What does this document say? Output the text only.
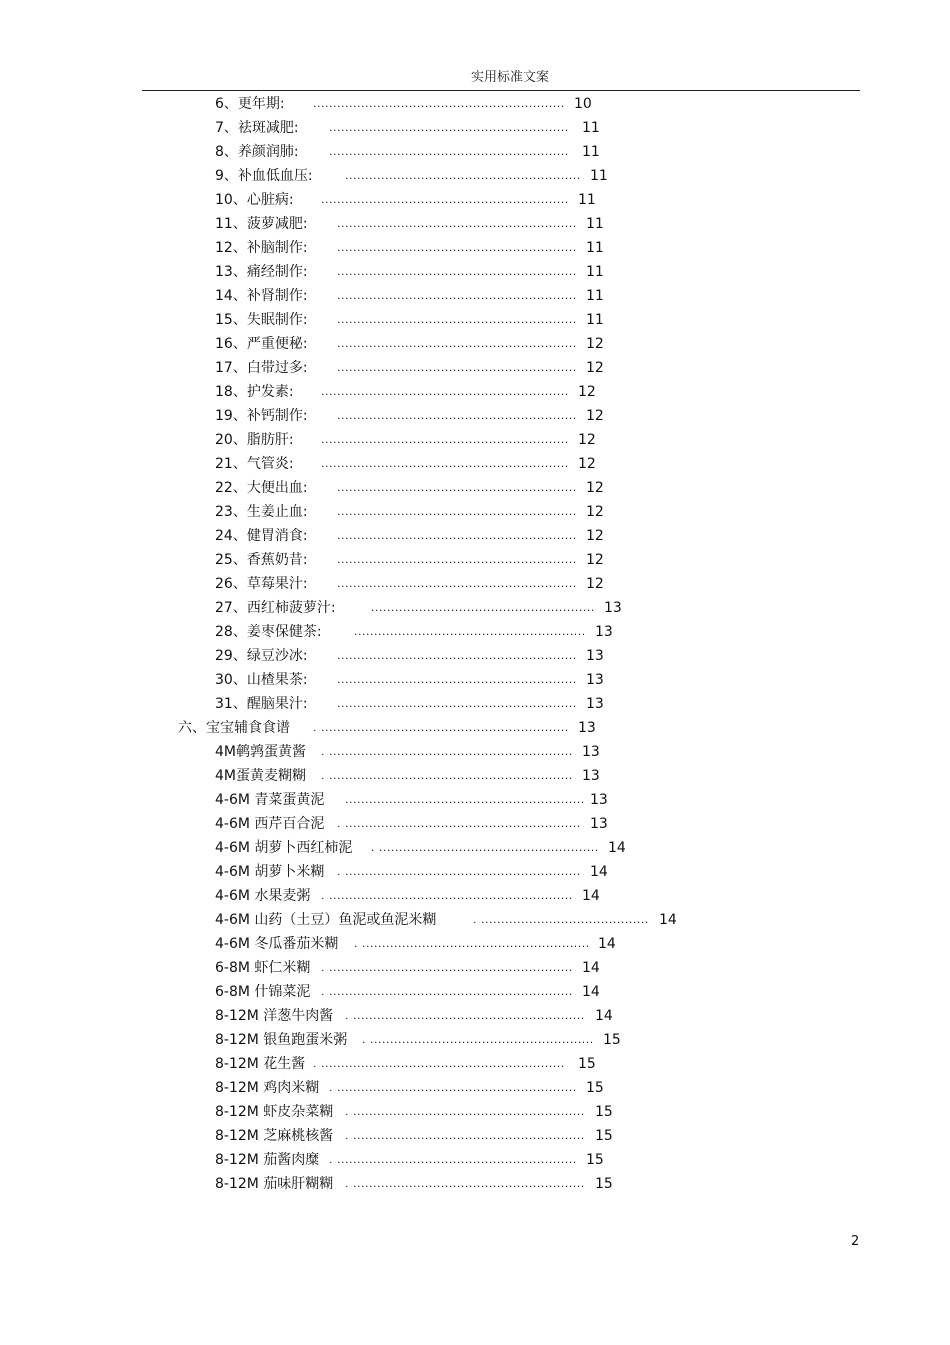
实用标准文案
6、更年期:	............................................................... 10
7、祛斑减肥:	............................................................ 11
8、养颜润肺:	............................................................ 11
9、补血低血压:	........................................................... 11
10、心脏病: .............................................................. 11
11、菠萝减肥:	............................................................ 11
12、补脑制作:	............................................................ 11
13、痛经制作:	............................................................ 11
14、补肾制作:	............................................................ 11
15、失眠制作:	............................................................ 11
16、严重便秘:	............................................................ 12
17、白带过多:	............................................................ 12
18、护发素: .............................................................. 12
19、补钙制作:	............................................................ 12
20、脂肪肝: .............................................................. 12
21、气管炎: .............................................................. 12
22、大便出血:	............................................................ 12
23、生姜止血:	............................................................ 12
24、健胃消食:	............................................................ 12
25、香蕉奶昔:	............................................................ 12
26、草莓果汁:	............................................................ 12
27、西红柿菠萝汁:	........................................................ 13
28、姜枣保健茶:	.......................................................... 13
29、绿豆沙冰:	............................................................ 13
30、山楂果茶:	............................................................ 13
31、醒脑果汁:	............................................................ 13
六、宝宝辅食食谱 . .............................................................. 13
4M鹌鹑蛋黄酱 . ............................................................. 13
4M蛋黄麦糊糊 . ............................................................. 13
4-6M 青菜蛋黄泥 ............................................................ 13
4-6M 西芹百合泥 . ........................................................... 13
4-6M 胡萝卜西红柿泥 . ....................................................... 14
4-6M 胡萝卜米糊 . ........................................................... 14
4-6M 水果麦粥 . ............................................................. 14
4-6M 山药（土豆）鱼泥或鱼泥米糊	. .......................................... 14
4-6M 冬瓜番茄米糊 . ......................................................... 14
6-8M 虾仁米糊 . ............................................................. 14
6-8M 什锦菜泥 . ............................................................. 14
8-12M 洋葱牛肉酱 . .......................................................... 14
8-12M 银鱼跑蛋米粥 . ........................................................ 15
8-12M 花生酱 . ............................................................. 15
8-12M 鸡肉米糊 . ............................................................ 15
8-12M 虾皮杂菜糊 . .......................................................... 15
8-12M 芝麻桃核酱 . .......................................................... 15
8-12M 茄酱肉糜 . ............................................................ 15
8-12M 茄味肝糊糊 . .......................................................... 15
2
